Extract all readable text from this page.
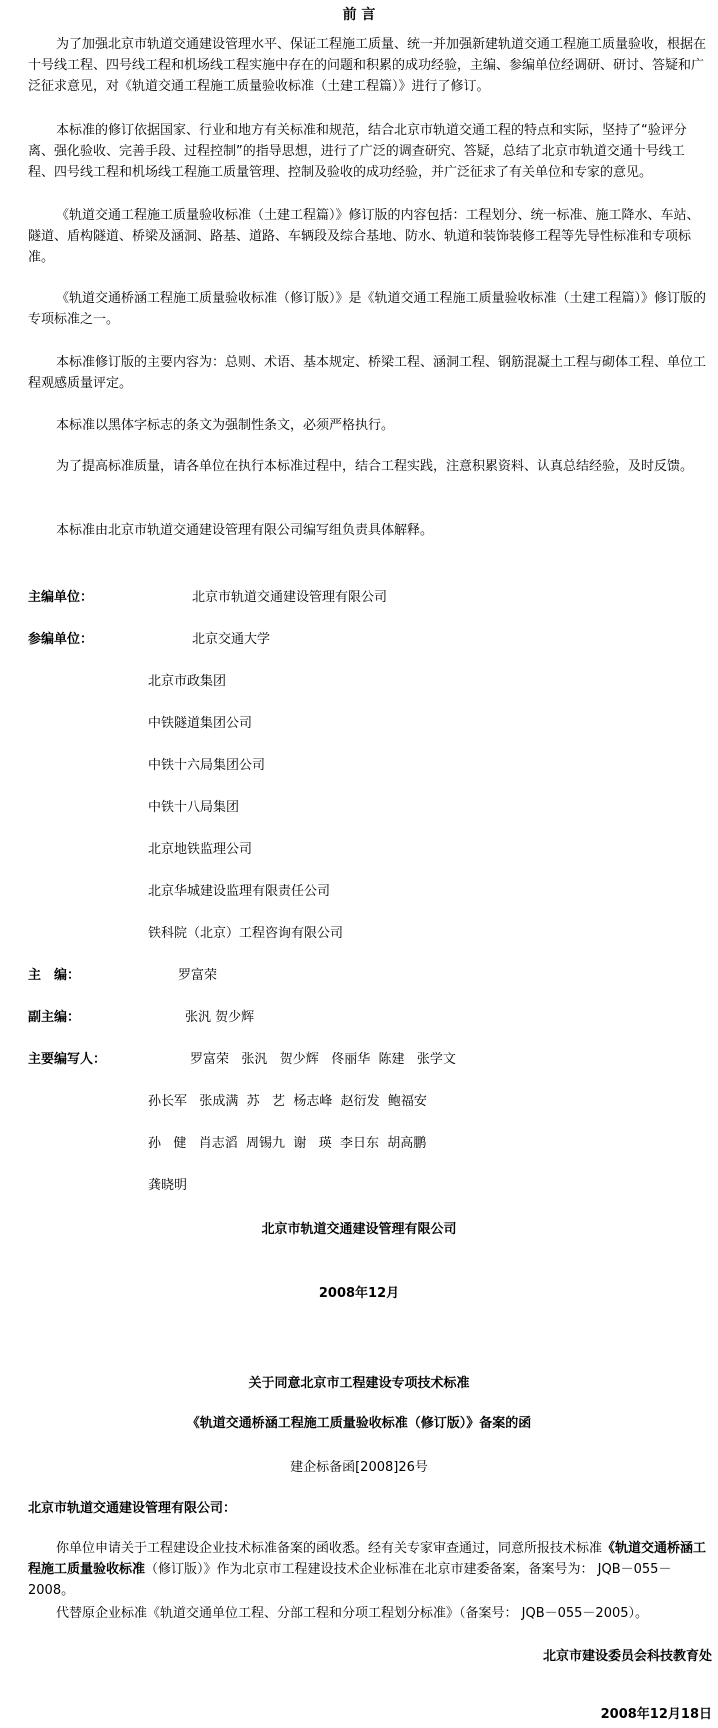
前 言
为了加强北京市轨道交通建设管理水平、保证工程施工质量、统一并加强新建轨道交通工程施工质量验收，根据在十号线工程、四号线工程和机场线工程实施中存在的问题和积累的成功经验，主编、参编单位经调研、研讨、答疑和广泛征求意见，对《轨道交通工程施工质量验收标准（土建工程篇）》进行了修订。
本标准的修订依据国家、行业和地方有关标准和规范，结合北京市轨道交通工程的特点和实际，坚持了“验评分离、强化验收、完善手段、过程控制”的指导思想，进行了广泛的调查研究、答疑，总结了北京市轨道交通十号线工程、四号线工程和机场线工程施工质量管理、控制及验收的成功经验，并广泛征求了有关单位和专家的意见。
《轨道交通工程施工质量验收标准（土建工程篇）》修订版的内容包括：工程划分、统一标准、施工降水、车站、隧道、盾构隧道、桥梁及涵洞、路基、道路、车辆段及综合基地、防水、轨道和装饰装修工程等先导性标准和专项标准。
《轨道交通桥涵工程施工质量验收标准（修订版）》是《轨道交通工程施工质量验收标准（土建工程篇）》修订版的专项标准之一。
本标准修订版的主要内容为：总则、术语、基本规定、桥梁工程、涵洞工程、钢筋混凝土工程与砌体工程、单位工程观感质量评定。
本标准以黑体字标志的条文为强制性条文，必须严格执行。
为了提高标准质量，请各单位在执行本标准过程中，结合工程实践，注意积累资料、认真总结经验，及时反馈。
本标准由北京市轨道交通建设管理有限公司编写组负责具体解释。
主编单位：	北京市轨道交通建设管理有限公司
参编单位：	北京交通大学
北京市政集团
中铁隧道集团公司
中铁十六局集团公司
中铁十八局集团
北京地铁监理公司
北京华城建设监理有限责任公司
铁科院（北京）工程咨询有限公司
主　编：	罗富荣
副主编：	张汎 贺少辉
主要编写人：	罗富荣   张汎   贺少辉   佟丽华  陈建   张学文
孙长军   张成满  苏   艺  杨志峰  赵衍发  鲍福安
孙   健   肖志滔  周锡九  谢   瑛  李日东  胡高鹏
龚晓明
北京市轨道交通建设管理有限公司
2008年12月
关于同意北京市工程建设专项技术标准
《轨道交通桥涵工程施工质量验收标准（修订版）》备案的函
建企标备函[2008]26号
北京市轨道交通建设管理有限公司：
你单位申请关于工程建设企业技术标准备案的函收悉。经有关专家审查通过，同意所报技术标准《轨道交通桥涵工程施工质量验收标准（修订版）》作为北京市工程建设技术企业标准在北京市建委备案，备案号为： JQB－055－2008。
代替原企业标准《轨道交通单位工程、分部工程和分项工程划分标准》（备案号： JQB－055－2005）。
北京市建设委员会科技教育处
2008年12月18日
